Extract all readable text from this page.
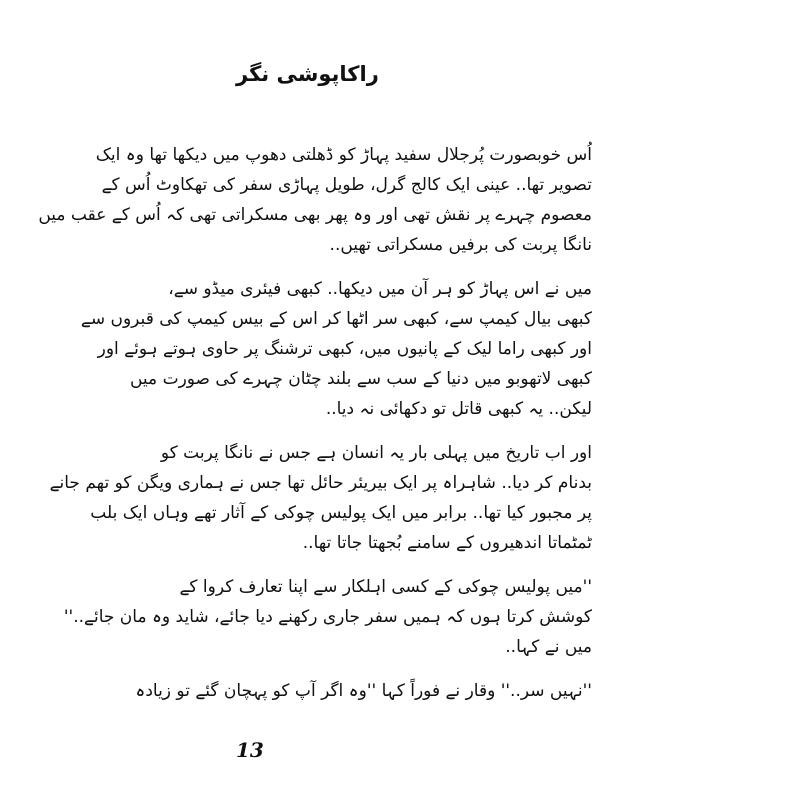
راکاپوشی نگر
اُس خوبصورت پُرجلال سفید پہاڑ کو ڈھلتی دھوپ میں دیکھا تھا وہ ایک
تصویر تھا.. عینی ایک کالج گرل، طویل پہاڑی سفر کی تھکاوٹ اُس کے
معصوم چہرے پر نقش تھی اور وہ پھر بھی مسکراتی تھی کہ اُس کے عقب میں
نانگا پربت کی برفیں مسکراتی تھیں..
میں نے اس پہاڑ کو ہر آن میں دیکھا.. کبھی فیئری میڈو سے،
کبھی بیال کیمپ سے، کبھی سر اٹھا کر اس کے بیس کیمپ کی قبروں سے
اور کبھی راما لیک کے پانیوں میں، کبھی ترشنگ پر حاوی ہوتے ہوئے اور
کبھی لاتھوبو میں دنیا کے سب سے بلند چٹان چہرے کی صورت میں
لیکن.. یہ کبھی قاتل تو دکھائی نہ دیا..
اور اب تاریخ میں پہلی بار یہ انسان ہے جس نے نانگا پربت کو
بدنام کر دیا.. شاہراہ پر ایک بیریئر حائل تھا جس نے ہماری ویگن کو تھم جانے
پر مجبور کیا تھا.. برابر میں ایک پولیس چوکی کے آثار تھے وہاں ایک بلب
ٹمٹماتا اندھیروں کے سامنے بُجھتا جاتا تھا..
''میں پولیس چوکی کے کسی اہلکار سے اپنا تعارف کروا کے
کوشش کرتا ہوں کہ ہمیں سفر جاری رکھنے دیا جائے، شاید وہ مان جائے..''
میں نے کہا..
''نہیں سر..'' وقار نے فوراً کہا ''وہ اگر آپ کو پہچان گئے تو زیادہ
13
